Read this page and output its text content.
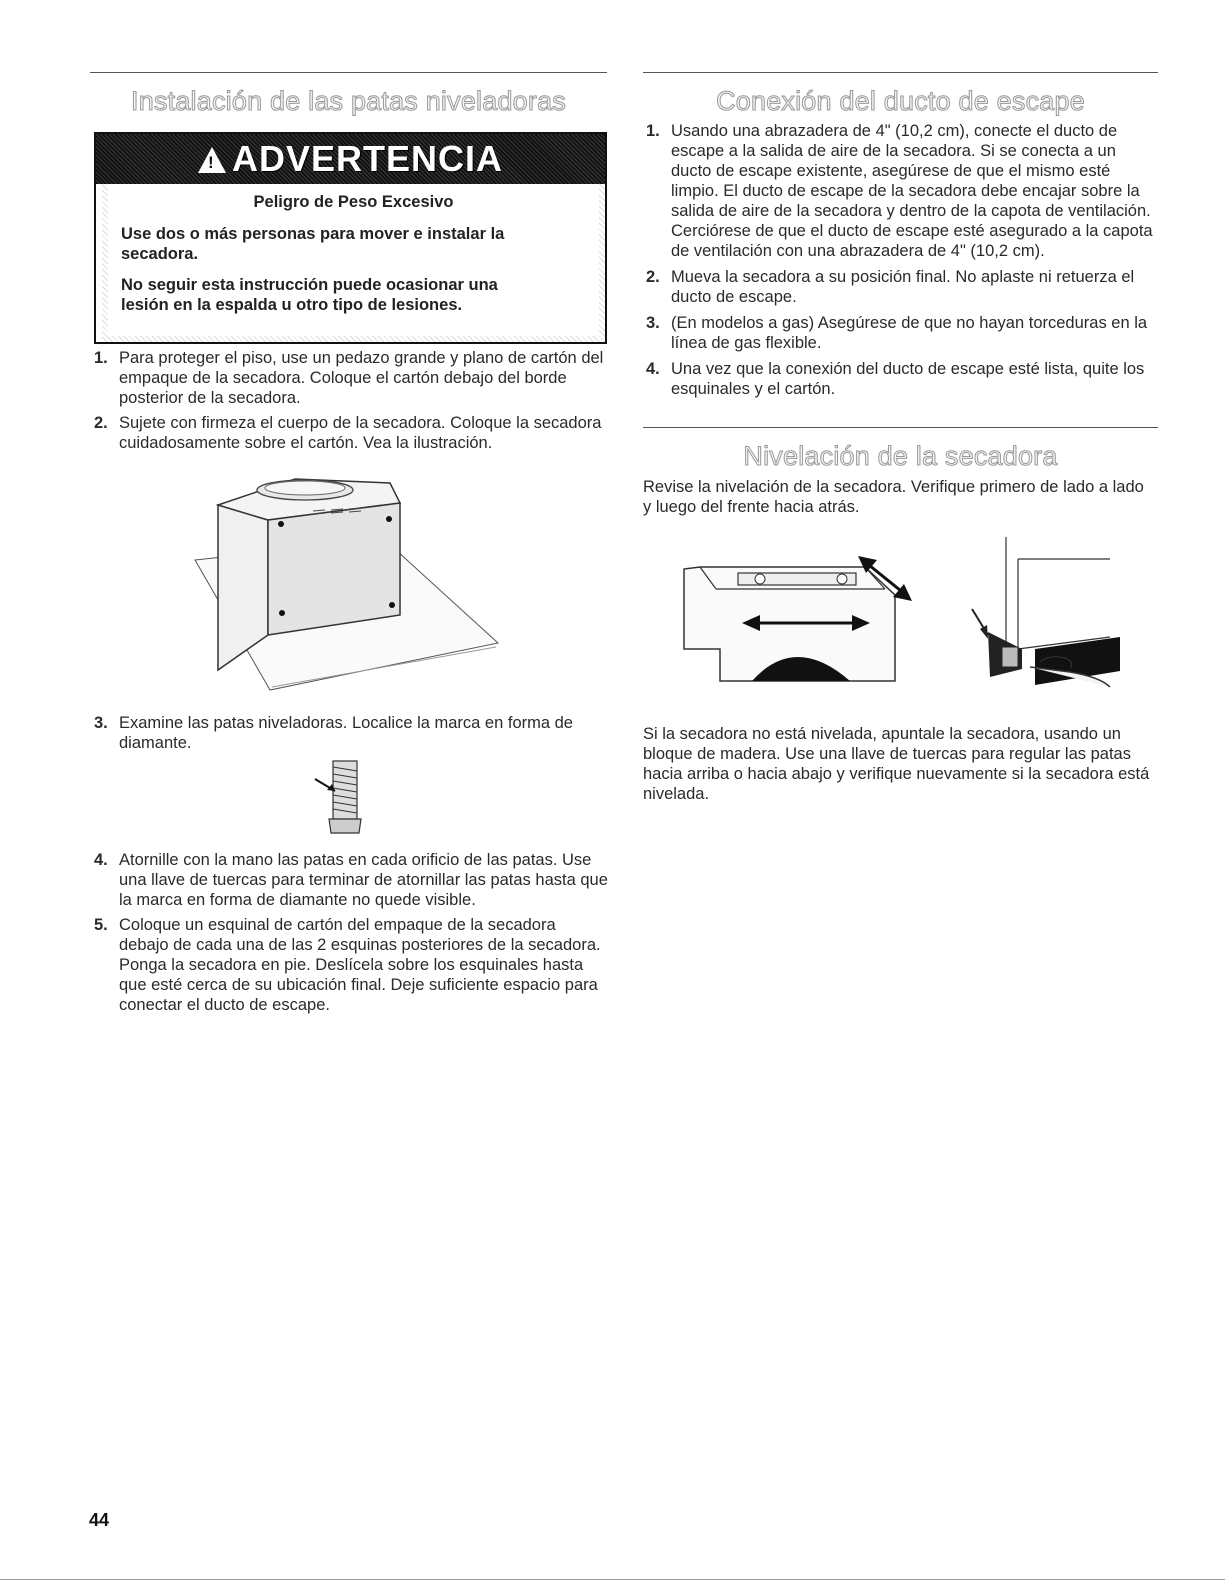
Instalación de las patas niveladoras
!
ADVERTENCIA
Peligro de Peso Excesivo
Use dos o más personas para mover e instalar la secadora.
No seguir esta instrucción puede ocasionar una lesión en la espalda u otro tipo de lesiones.
1. Para proteger el piso, use un pedazo grande y plano de cartón del empaque de la secadora. Coloque el cartón debajo del borde posterior de la secadora.
2. Sujete con firmeza el cuerpo de la secadora. Coloque la secadora cuidadosamente sobre el cartón. Vea la ilustración.
3. Examine las patas niveladoras. Localice la marca en forma de diamante.
4. Atornille con la mano las patas en cada orificio de las patas. Use una llave de tuercas para terminar de atornillar las patas hasta que la marca en forma de diamante no quede visible.
5. Coloque un esquinal de cartón del empaque de la secadora debajo de cada una de las 2 esquinas posteriores de la secadora. Ponga la secadora en pie. Deslícela sobre los esquinales hasta que esté cerca de su ubicación final. Deje suficiente espacio para conectar el ducto de escape.
Conexión del ducto de escape
1. Usando una abrazadera de 4" (10,2 cm), conecte el ducto de escape a la salida de aire de la secadora. Si se conecta a un ducto de escape existente, asegúrese de que el mismo esté limpio. El ducto de escape de la secadora debe encajar sobre la salida de aire de la secadora y dentro de la capota de ventilación. Cerciórese de que el ducto de escape esté asegurado a la capota de ventilación con una abrazadera de 4" (10,2 cm).
2. Mueva la secadora a su posición final. No aplaste ni retuerza el ducto de escape.
3. (En modelos a gas) Asegúrese de que no hayan torceduras en la línea de gas flexible.
4. Una vez que la conexión del ducto de escape esté lista, quite los esquinales y el cartón.
Nivelación de la secadora

Revise la nivelación de la secadora. Verifique primero de lado a lado y luego del frente hacia atrás.

Si la secadora no está nivelada, apuntale la secadora, usando un bloque de madera. Use una llave de tuercas para regular las patas hacia arriba o hacia abajo y verifique nuevamente si la secadora está nivelada.

44
